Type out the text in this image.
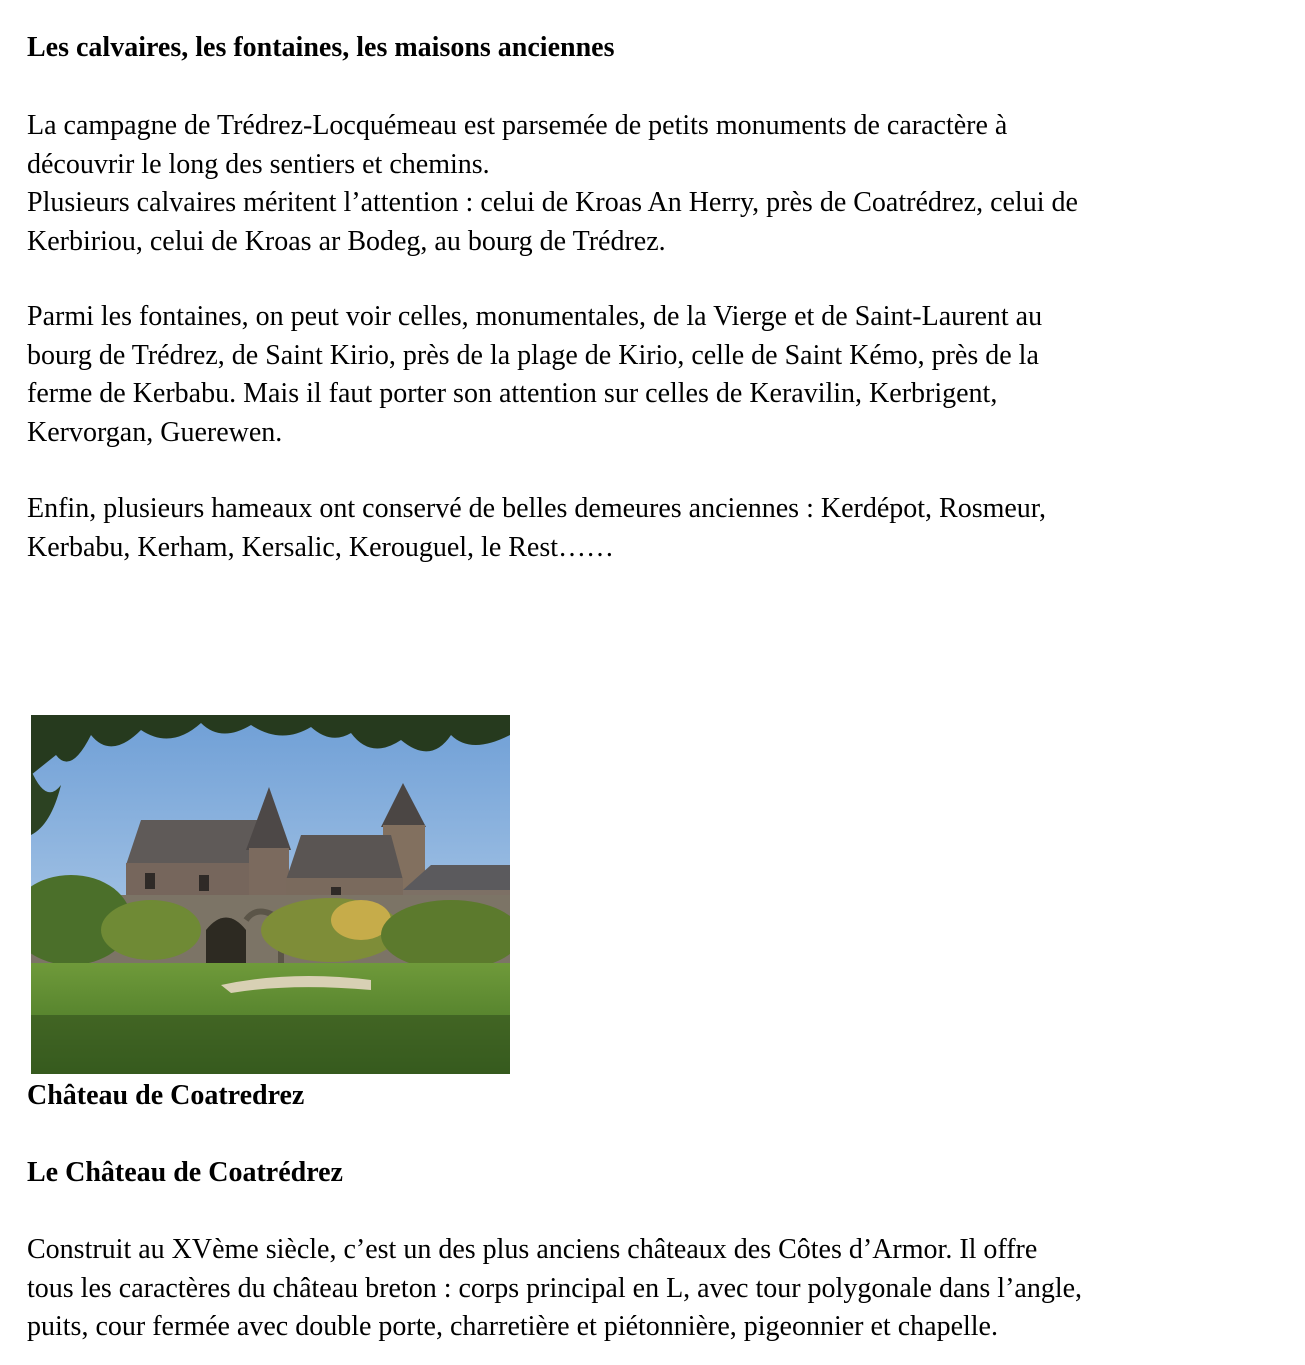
Les calvaires, les fontaines, les maisons anciennes

La campagne de Trédrez-Locquémeau est parsemée de petits monuments de caractère à
découvrir le long des sentiers et chemins.
Plusieurs calvaires méritent l’attention : celui de Kroas An Herry, près de Coatrédrez, celui de
Kerbiriou, celui de Kroas ar Bodeg, au bourg de Trédrez.

Parmi les fontaines, on peut voir celles, monumentales, de la Vierge et de Saint-Laurent au
bourg de Trédrez, de Saint Kirio, près de la plage de Kirio, celle de Saint Kémo, près de la
ferme de Kerbabu. Mais il faut porter son attention sur celles de Keravilin, Kerbrigent,
Kervorgan, Guerewen.

Enfin, plusieurs hameaux ont conservé de belles demeures anciennes : Kerdépot, Rosmeur,
Kerbabu, Kerham, Kersalic, Kerouguel, le Rest……

Château de Coatredrez
Le Château de Coatrédrez

Construit au XVème siècle, c’est un des plus anciens châteaux des Côtes d’Armor. Il offre
tous les caractères du château breton : corps principal en L, avec tour polygonale dans l’angle,
puits, cour fermée avec double porte, charretière et piétonnière, pigeonnier et chapelle.
